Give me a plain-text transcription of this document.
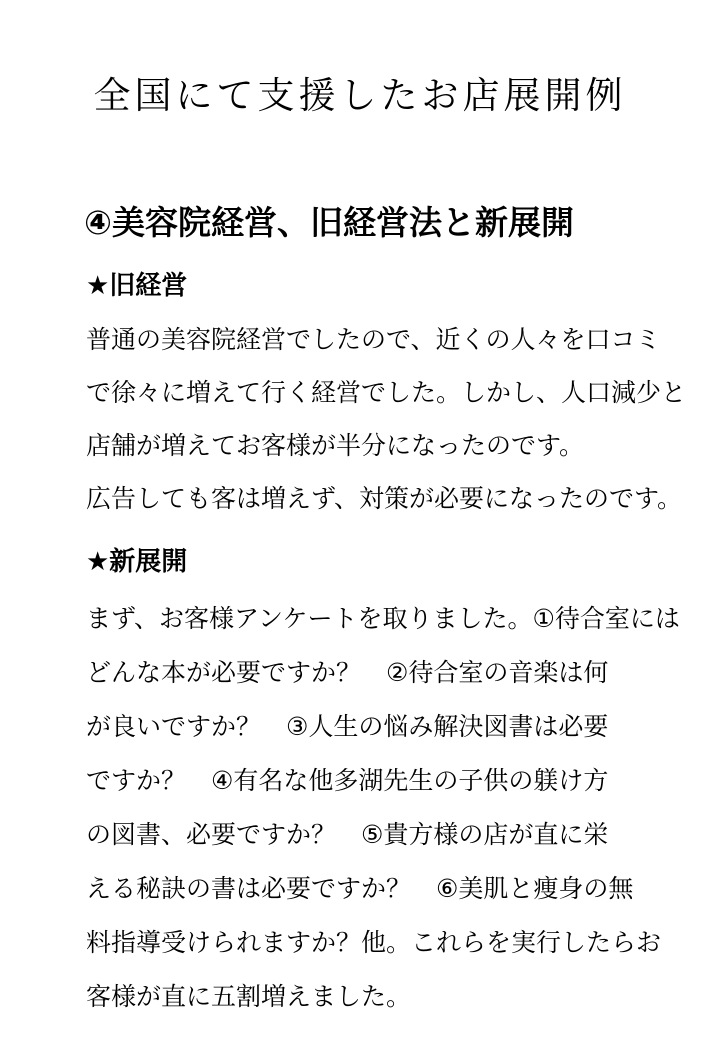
全国にて支援したお店展開例
④美容院経営、旧経営法と新展開
★旧経営

普通の美容院経営でしたので、近くの人々を口コミ

で徐々に増えて行く経営でした。しかし、人口減少と

店舗が増えてお客様が半分になったのです。

広告しても客は増えず、対策が必要になったのです。

★新展開

まず、お客様アンケートを取りました。①待合室には

どんな本が必要ですか？　②待合室の音楽は何

が良いですか？　③人生の悩み解決図書は必要

ですか？　④有名な他多湖先生の子供の躾け方

の図書、必要ですか？　⑤貴方様の店が直に栄

える秘訣の書は必要ですか？　⑥美肌と痩身の無

料指導受けられますか？他。これらを実行したらお

客様が直に五割増えました。
